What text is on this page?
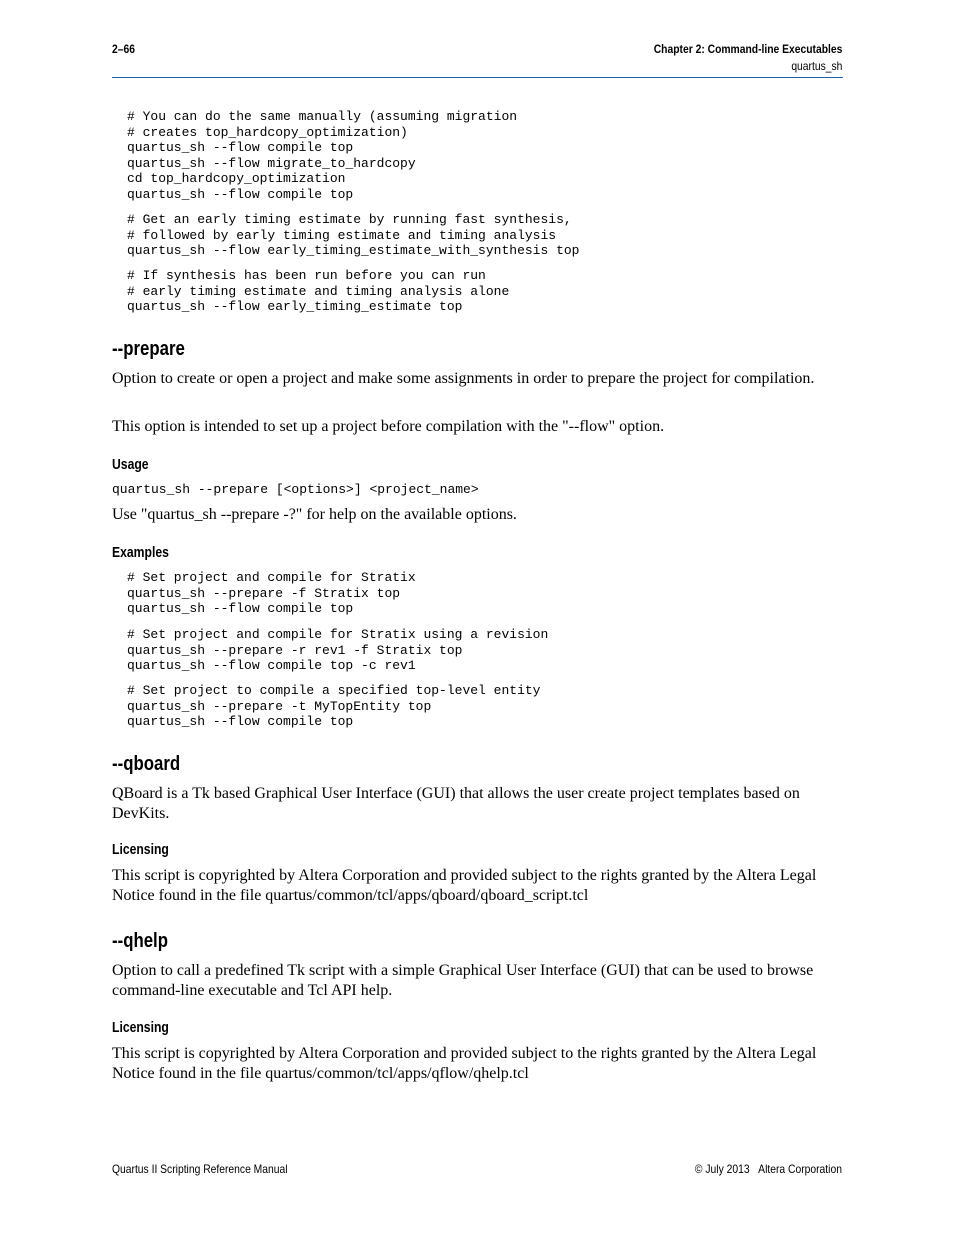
2–66	Chapter 2: Command-line Executables
quartus_sh
# You can do the same manually (assuming migration
# creates top_hardcopy_optimization)
quartus_sh --flow compile top
quartus_sh --flow migrate_to_hardcopy
cd top_hardcopy_optimization
quartus_sh --flow compile top
# Get an early timing estimate by running fast synthesis,
# followed by early timing estimate and timing analysis
quartus_sh --flow early_timing_estimate_with_synthesis top
# If synthesis has been run before you can run
# early timing estimate and timing analysis alone
quartus_sh --flow early_timing_estimate top
--prepare

Option to create or open a project and make some assignments in order to prepare the project for compilation.

This option is intended to set up a project before compilation with the "--flow" option.

Usage
quartus_sh --prepare [<options>] <project_name>

Use "quartus_sh --prepare -?" for help on the available options.

Examples
# Set project and compile for Stratix
quartus_sh --prepare -f Stratix top
quartus_sh --flow compile top
# Set project and compile for Stratix using a revision
quartus_sh --prepare -r rev1 -f Stratix top
quartus_sh --flow compile top -c rev1
# Set project to compile a specified top-level entity
quartus_sh --prepare -t MyTopEntity top
quartus_sh --flow compile top
--qboard

QBoard is a Tk based Graphical User Interface (GUI) that allows the user create project templates based on DevKits.

Licensing

This script is copyrighted by Altera Corporation and provided subject to the rights granted by the Altera Legal Notice found in the file quartus/common/tcl/apps/qboard/qboard_script.tcl

--qhelp

Option to call a predefined Tk script with a simple Graphical User Interface (GUI) that can be used to browse command-line executable and Tcl API help.

Licensing

This script is copyrighted by Altera Corporation and provided subject to the rights granted by the Altera Legal Notice found in the file quartus/common/tcl/apps/qflow/qhelp.tcl

Quartus II Scripting Reference Manual	© July 2013 Altera Corporation
